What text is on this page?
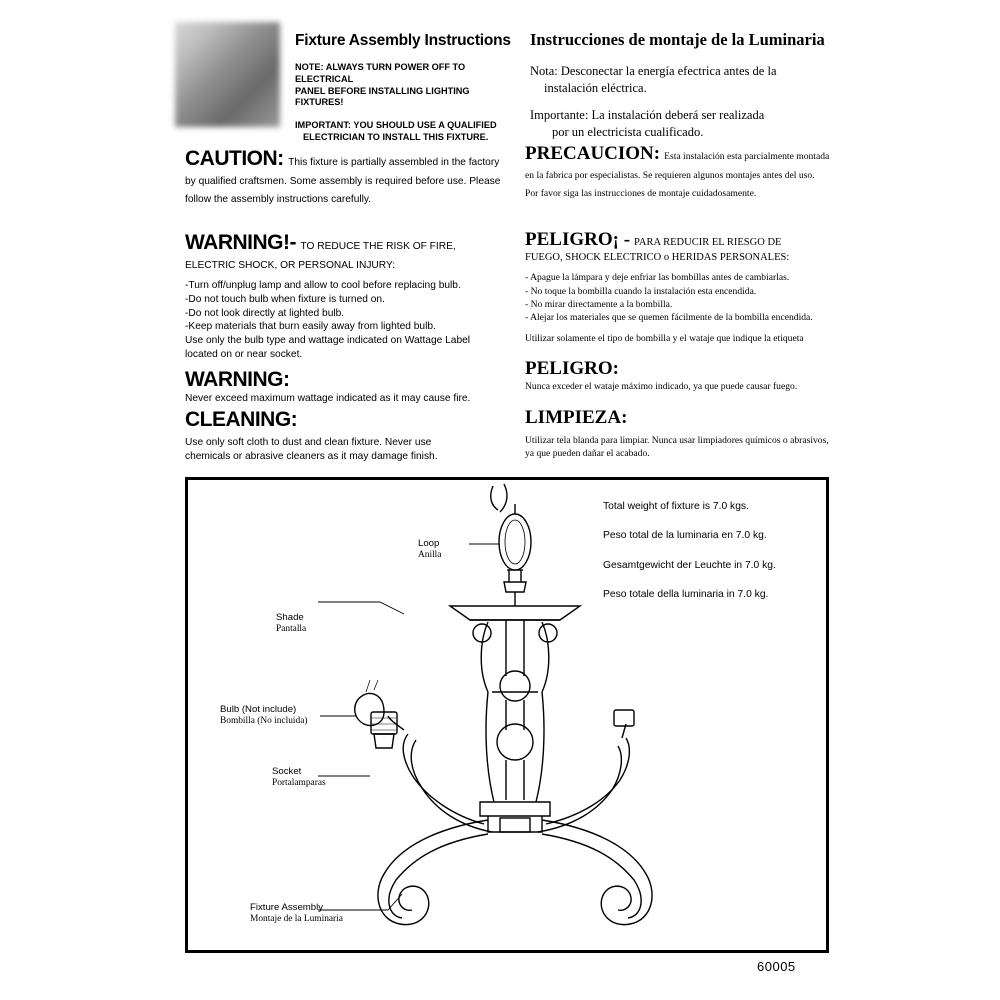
Fixture Assembly Instructions
NOTE: ALWAYS TURN POWER OFF TO ELECTRICAL
PANEL BEFORE INSTALLING LIGHTING FIXTURES!
IMPORTANT: YOU SHOULD USE A QUALIFIED
ELECTRICIAN TO INSTALL THIS FIXTURE.
Instrucciones de montaje de la Luminaria
Nota: Desconectar la energía efectrica antes de la
instalación eléctrica.
Importante: La instalación deberá ser realizada
por un electricista cualificado.
CAUTION: This fixture is partially assembled in the factory by qualified craftsmen. Some assembly is required before use. Please follow the assembly instructions carefully.
WARNING!- TO REDUCE THE RISK OF FIRE, ELECTRIC SHOCK, OR PERSONAL INJURY:

-Turn off/unplug lamp and allow to cool before replacing bulb.

-Do not touch bulb when fixture is turned on.

-Do not look directly at lighted bulb.

-Keep materials that burn easily away from lighted bulb.

Use only the bulb type and wattage indicated on Wattage Label located on or near socket.

WARNING:

Never exceed maximum wattage indicated as it may cause fire.

CLEANING:

Use only soft cloth to dust and clean fixture. Never use chemicals or abrasive cleaners as it may damage finish.

PRECAUCION: Esta instalación esta parcialmente montada en la fabrica por especialistas. Se requieren algunos montajes antes del uso. Por favor siga las instrucciones de montaje cuidadosamente.
PELIGRO¡ - PARA REDUCIR EL RIESGO DE
FUEGO, SHOCK ELECTRICO o HERIDAS PERSONALES:

- Apague la lámpara y deje enfriar las bombillas antes de cambiarlas.

- No toque la bombilla cuando la instalación esta encendida.

- No mirar directamente a la bombilla.

- Alejar los materiales que se quemen fácilmente de la bombilla encendida.

Utilizar solamente el tipo de bombilla y el wataje que indique la etiqueta

PELIGRO:

Nunca exceder el wataje máximo indicado, ya que puede causar fuego.

LIMPIEZA:

Utilizar tela blanda para limpiar. Nunca usar limpiadores químicos o abrasivos, ya que pueden dañar el acabado.

Total weight of fixture is 7.0 kgs.
Peso total de la luminaria en 7.0 kg.
Gesamtgewicht der Leuchte in 7.0 kg.
Peso totale della luminaria in 7.0 kg.
Loop
Anilla
Shade
Pantalla
Bulb (Not include)
Bombilla (No incluida)
Socket
Portalamparas
Fixture Assembly
Montaje de la Luminaria
60005
